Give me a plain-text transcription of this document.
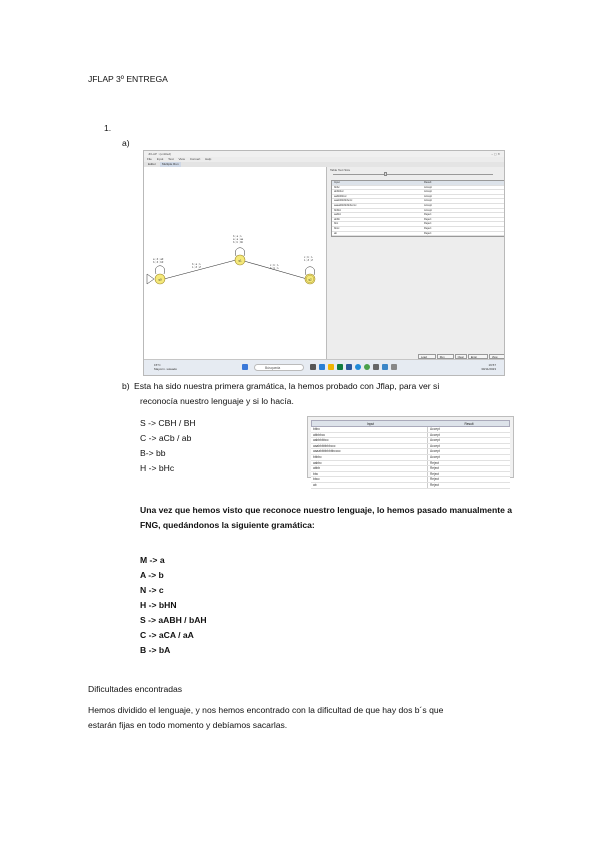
JFLAP 3º ENTREGA
1.
a)
JFLAP : (untitled)	– ▢ ✕
File Input Test View Convert Help
Editor	Multiple Run
q0
q1
q2
a ; Z ; aZ
b ; Z ; bZ
b ; a ; λ
a ; a ; aa
b ; b ; bb
c ; b ; λ
λ ; Z ; Z
b ; a ; λ
λ ; Z ; Z
c ; b ; λ
b ; b ; λ
Table Text Size
Input	Result
bbbc	Accept
abbbbcc	Accept
aabbbbbcc	Accept
aaabbbbbbbccc	Accept
aaaabbbbbbbbcccc	Accept
bbbbc	Accept
aabbc	Reject
abbb	Reject
bbc	Reject
bbcc	Reject
ab	Reject
Load	Run	Clear	Enter	View
15°C
Mayorm. soleado	Búsqueda
19:57
30/11/2023
b) Esta ha sido nuestra primera gramática, la hemos probado con Jflap, para ver si
reconocía nuestro lenguaje y si lo hacía.
S -> CBH / BH
C -> aCb / ab
B-> bb
H -> bHc
Input	Result
bbbc	Accept
abbbbcc	Accept
aabbbbbcc	Accept
aaabbbbbbbccc	Accept
aaaabbbbbbbbcccc	Accept
bbbbc	Accept
aabbc	Reject
abbb	Reject
bbc	Reject
bbcc	Reject
ab	Reject
Una vez que hemos visto que reconoce nuestro lenguaje, lo hemos pasado manualmente a
FNG, quedándonos la siguiente gramática:
M -> a
A -> b
N -> c
H -> bHN
S -> aABH / bAH
C -> aCA / aA
B -> bA
Dificultades encontradas
Hemos dividido el lenguaje, y nos hemos encontrado con la dificultad de que hay dos b´s que
estarán fijas en todo momento y debíamos sacarlas.
